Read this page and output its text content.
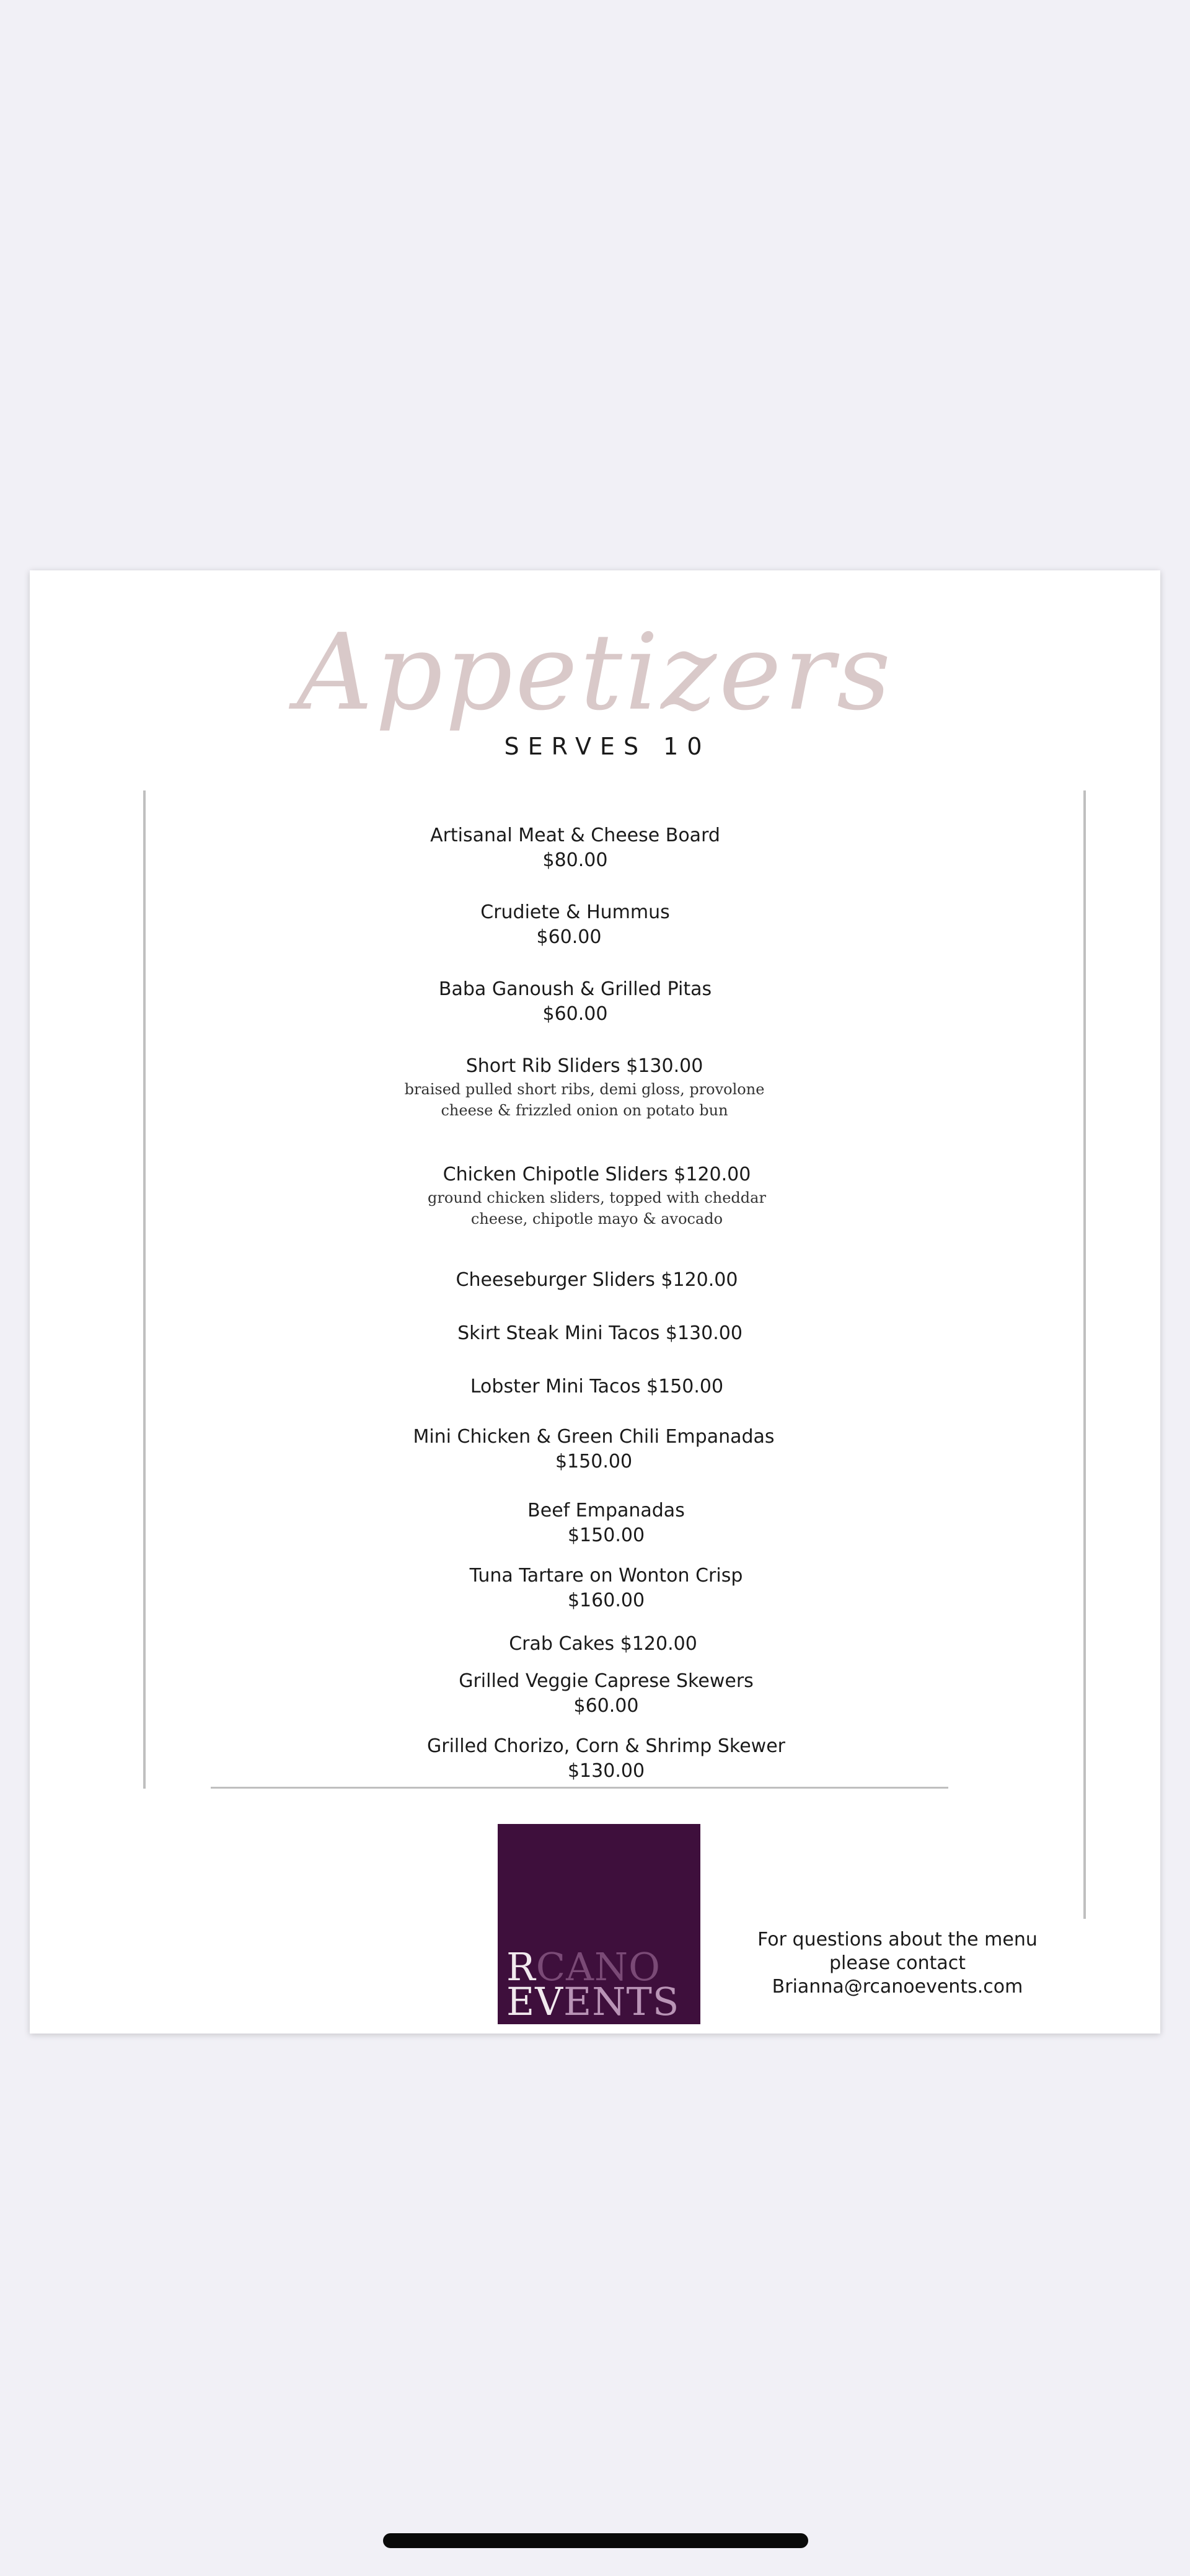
Appetizers
SERVES 10
Artisanal Meat & Cheese Board
$80.00
Crudiete & Hummus
$60.00
Baba Ganoush & Grilled Pitas
$60.00
Short Rib Sliders $130.00
braised pulled short ribs, demi gloss, provolone
cheese & frizzled onion on potato bun
Chicken Chipotle Sliders $120.00
ground chicken sliders, topped with cheddar
cheese, chipotle mayo & avocado
Cheeseburger Sliders $120.00
Skirt Steak Mini Tacos $130.00
Lobster Mini Tacos $150.00
Mini Chicken & Green Chili Empanadas
$150.00
Beef Empanadas
$150.00
Tuna Tartare on Wonton Crisp
$160.00
Crab Cakes $120.00
Grilled Veggie Caprese Skewers
$60.00
Grilled Chorizo, Corn & Shrimp Skewer
$130.00
RCANO
EVENTS
For questions about the menu
please contact
Brianna@rcanoevents.com
